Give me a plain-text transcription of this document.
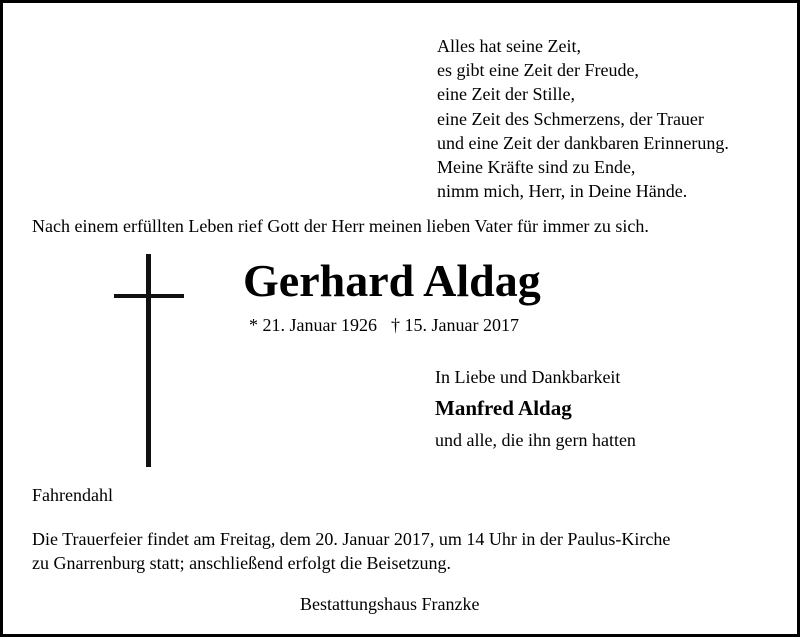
Alles hat seine Zeit,
es gibt eine Zeit der Freude,
eine Zeit der Stille,
eine Zeit des Schmerzens, der Trauer
und eine Zeit der dankbaren Erinnerung.
Meine Kräfte sind zu Ende,
nimm mich, Herr, in Deine Hände.
Nach einem erfüllten Leben rief Gott der Herr meinen lieben Vater für immer zu sich.
Gerhard Aldag
* 21. Januar 1926 † 15. Januar 2017
In Liebe und Dankbarkeit
Manfred Aldag
und alle, die ihn gern hatten
Fahrendahl
Die Trauerfeier findet am Freitag, dem 20. Januar 2017, um 14 Uhr in der Paulus-Kirche
zu Gnarrenburg statt; anschließend erfolgt die Beisetzung.
Bestattungshaus Franzke
